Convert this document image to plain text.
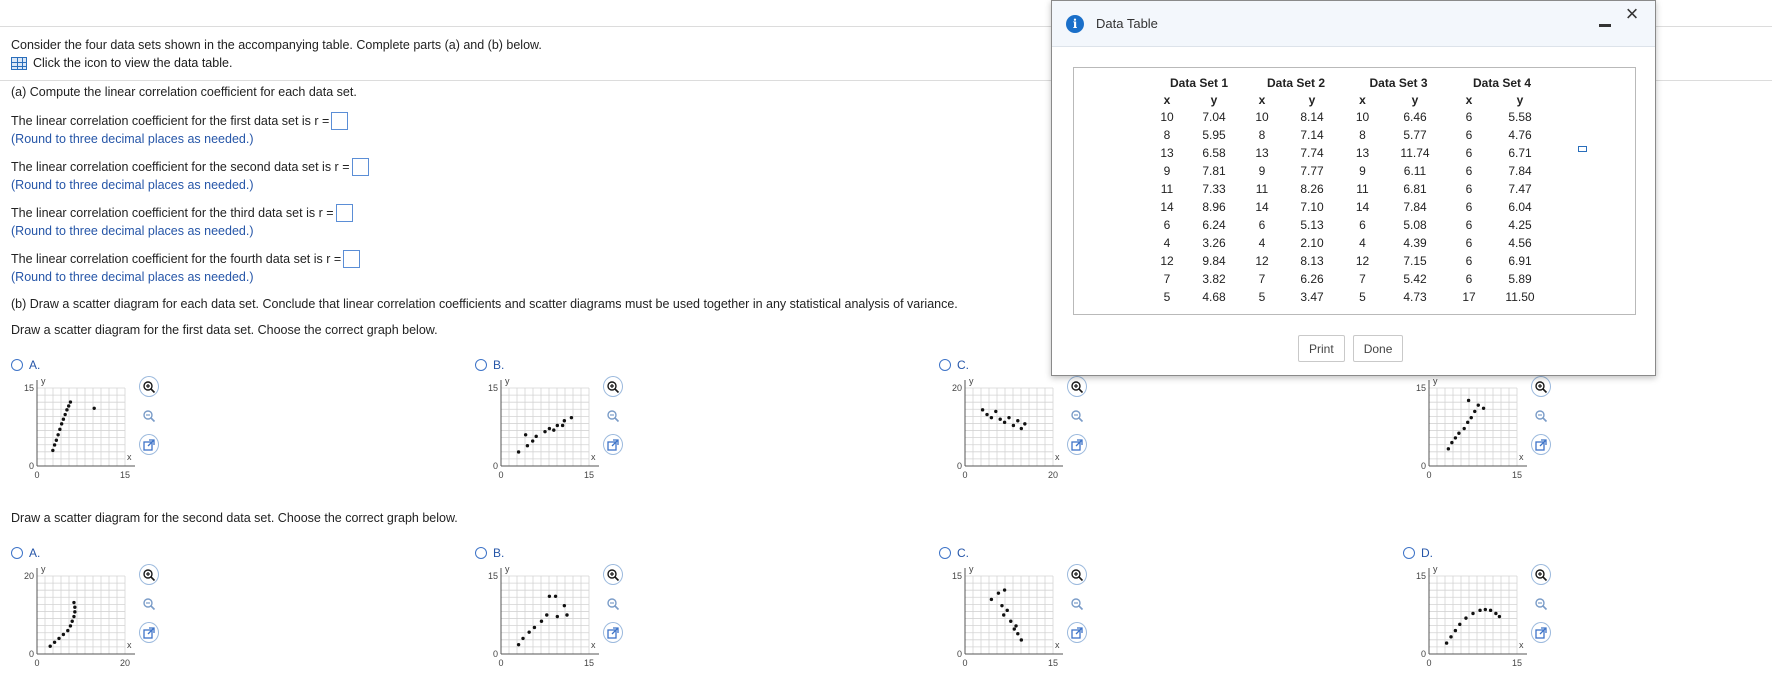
Consider the four data sets shown in the accompanying table. Complete parts (a) and (b) below.
Click the icon to view the data table.
(a) Compute the linear correlation coefficient for each data set.
The linear correlation coefficient for the first data set is r =
(Round to three decimal places as needed.)
The linear correlation coefficient for the second data set is r =
(Round to three decimal places as needed.)
The linear correlation coefficient for the third data set is r =
(Round to three decimal places as needed.)
The linear correlation coefficient for the fourth data set is r =
(Round to three decimal places as needed.)
(b) Draw a scatter diagram for each data set. Conclude that linear correlation coefficients and scatter diagrams must be used together in any statistical analysis of variance.
Draw a scatter diagram for the first data set. Choose the correct graph below.
Draw a scatter diagram for the second data set. Choose the correct graph below.
A.
15
0
0	15
x
y
B.
15
0
0	15
x
y
C.
20
0
0	20
x
y
15
0
0	15
x
y
A.
20
0
0	20
x
y
B.
15
0
0	15
x
y
C.
15
0
0	15
x
y
D.
15
0
0	15
x
y
i	Data Table	×
Data Set 1		Data Set 2		Data Set 3		Data Set 4	
x	y	x	y	x	y	x	y
10	7.04	10	8.14	10	6.46	6	5.58
8	5.95	8	7.14	8	5.77	6	4.76
13	6.58	13	7.74	13	11.74	6	6.71
9	7.81	9	7.77	9	6.11	6	7.84
11	7.33	11	8.26	11	6.81	6	7.47
14	8.96	14	7.10	14	7.84	6	6.04
6	6.24	6	5.13	6	5.08	6	4.25
4	3.26	4	2.10	4	4.39	6	4.56
12	9.84	12	8.13	12	7.15	6	6.91
7	3.82	7	6.26	7	5.42	6	5.89
5	4.68	5	3.47	5	4.73	17	11.50
Print	Done
